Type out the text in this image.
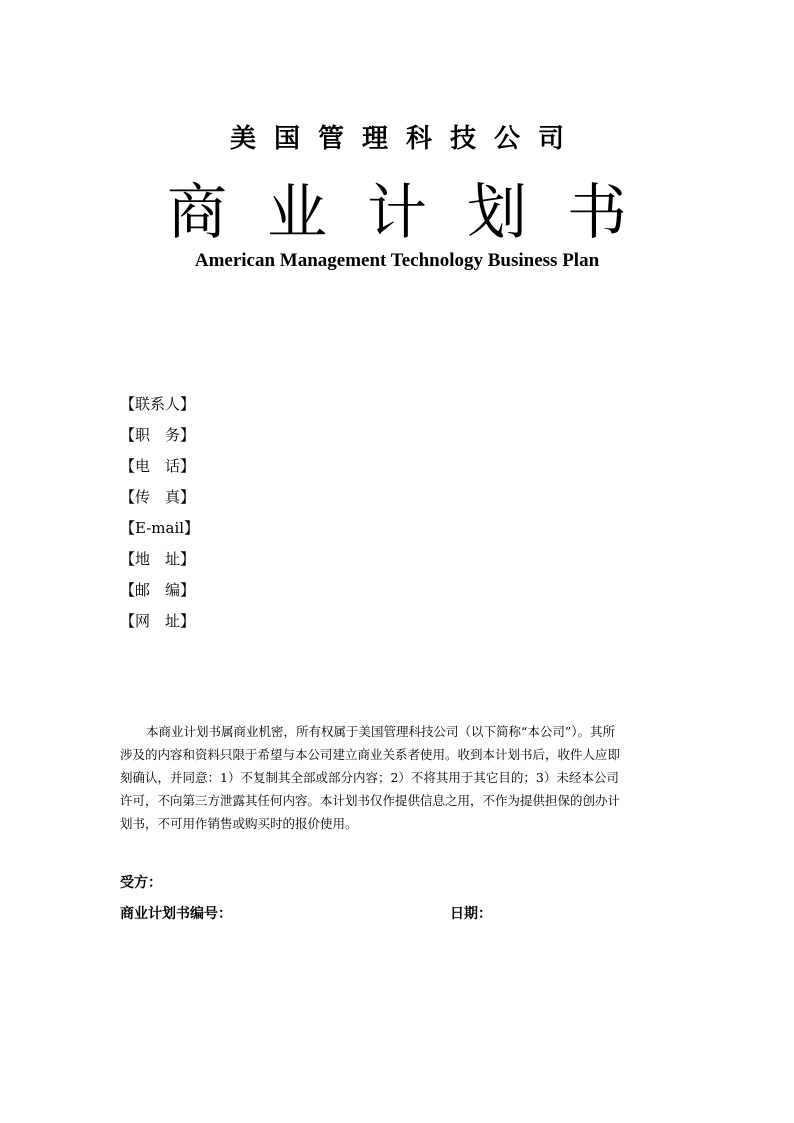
美国管理科技公司
商业计划书
American Management Technology Business Plan
【联系人】
【职　务】
【电　话】
【传　真】
【E-mail】
【地　址】
【邮　编】
【网　址】
本商业计划书属商业机密，所有权属于美国管理科技公司（以下简称“本公司”）。其所
涉及的内容和资料只限于希望与本公司建立商业关系者使用。收到本计划书后，收件人应即
刻确认，并同意：1）不复制其全部或部分内容；2）不将其用于其它目的；3）未经本公司
许可，不向第三方泄露其任何内容。本计划书仅作提供信息之用，不作为提供担保的创办计
划书，不可用作销售或购买时的报价使用。
受方：
商业计划书编号：	日期：
